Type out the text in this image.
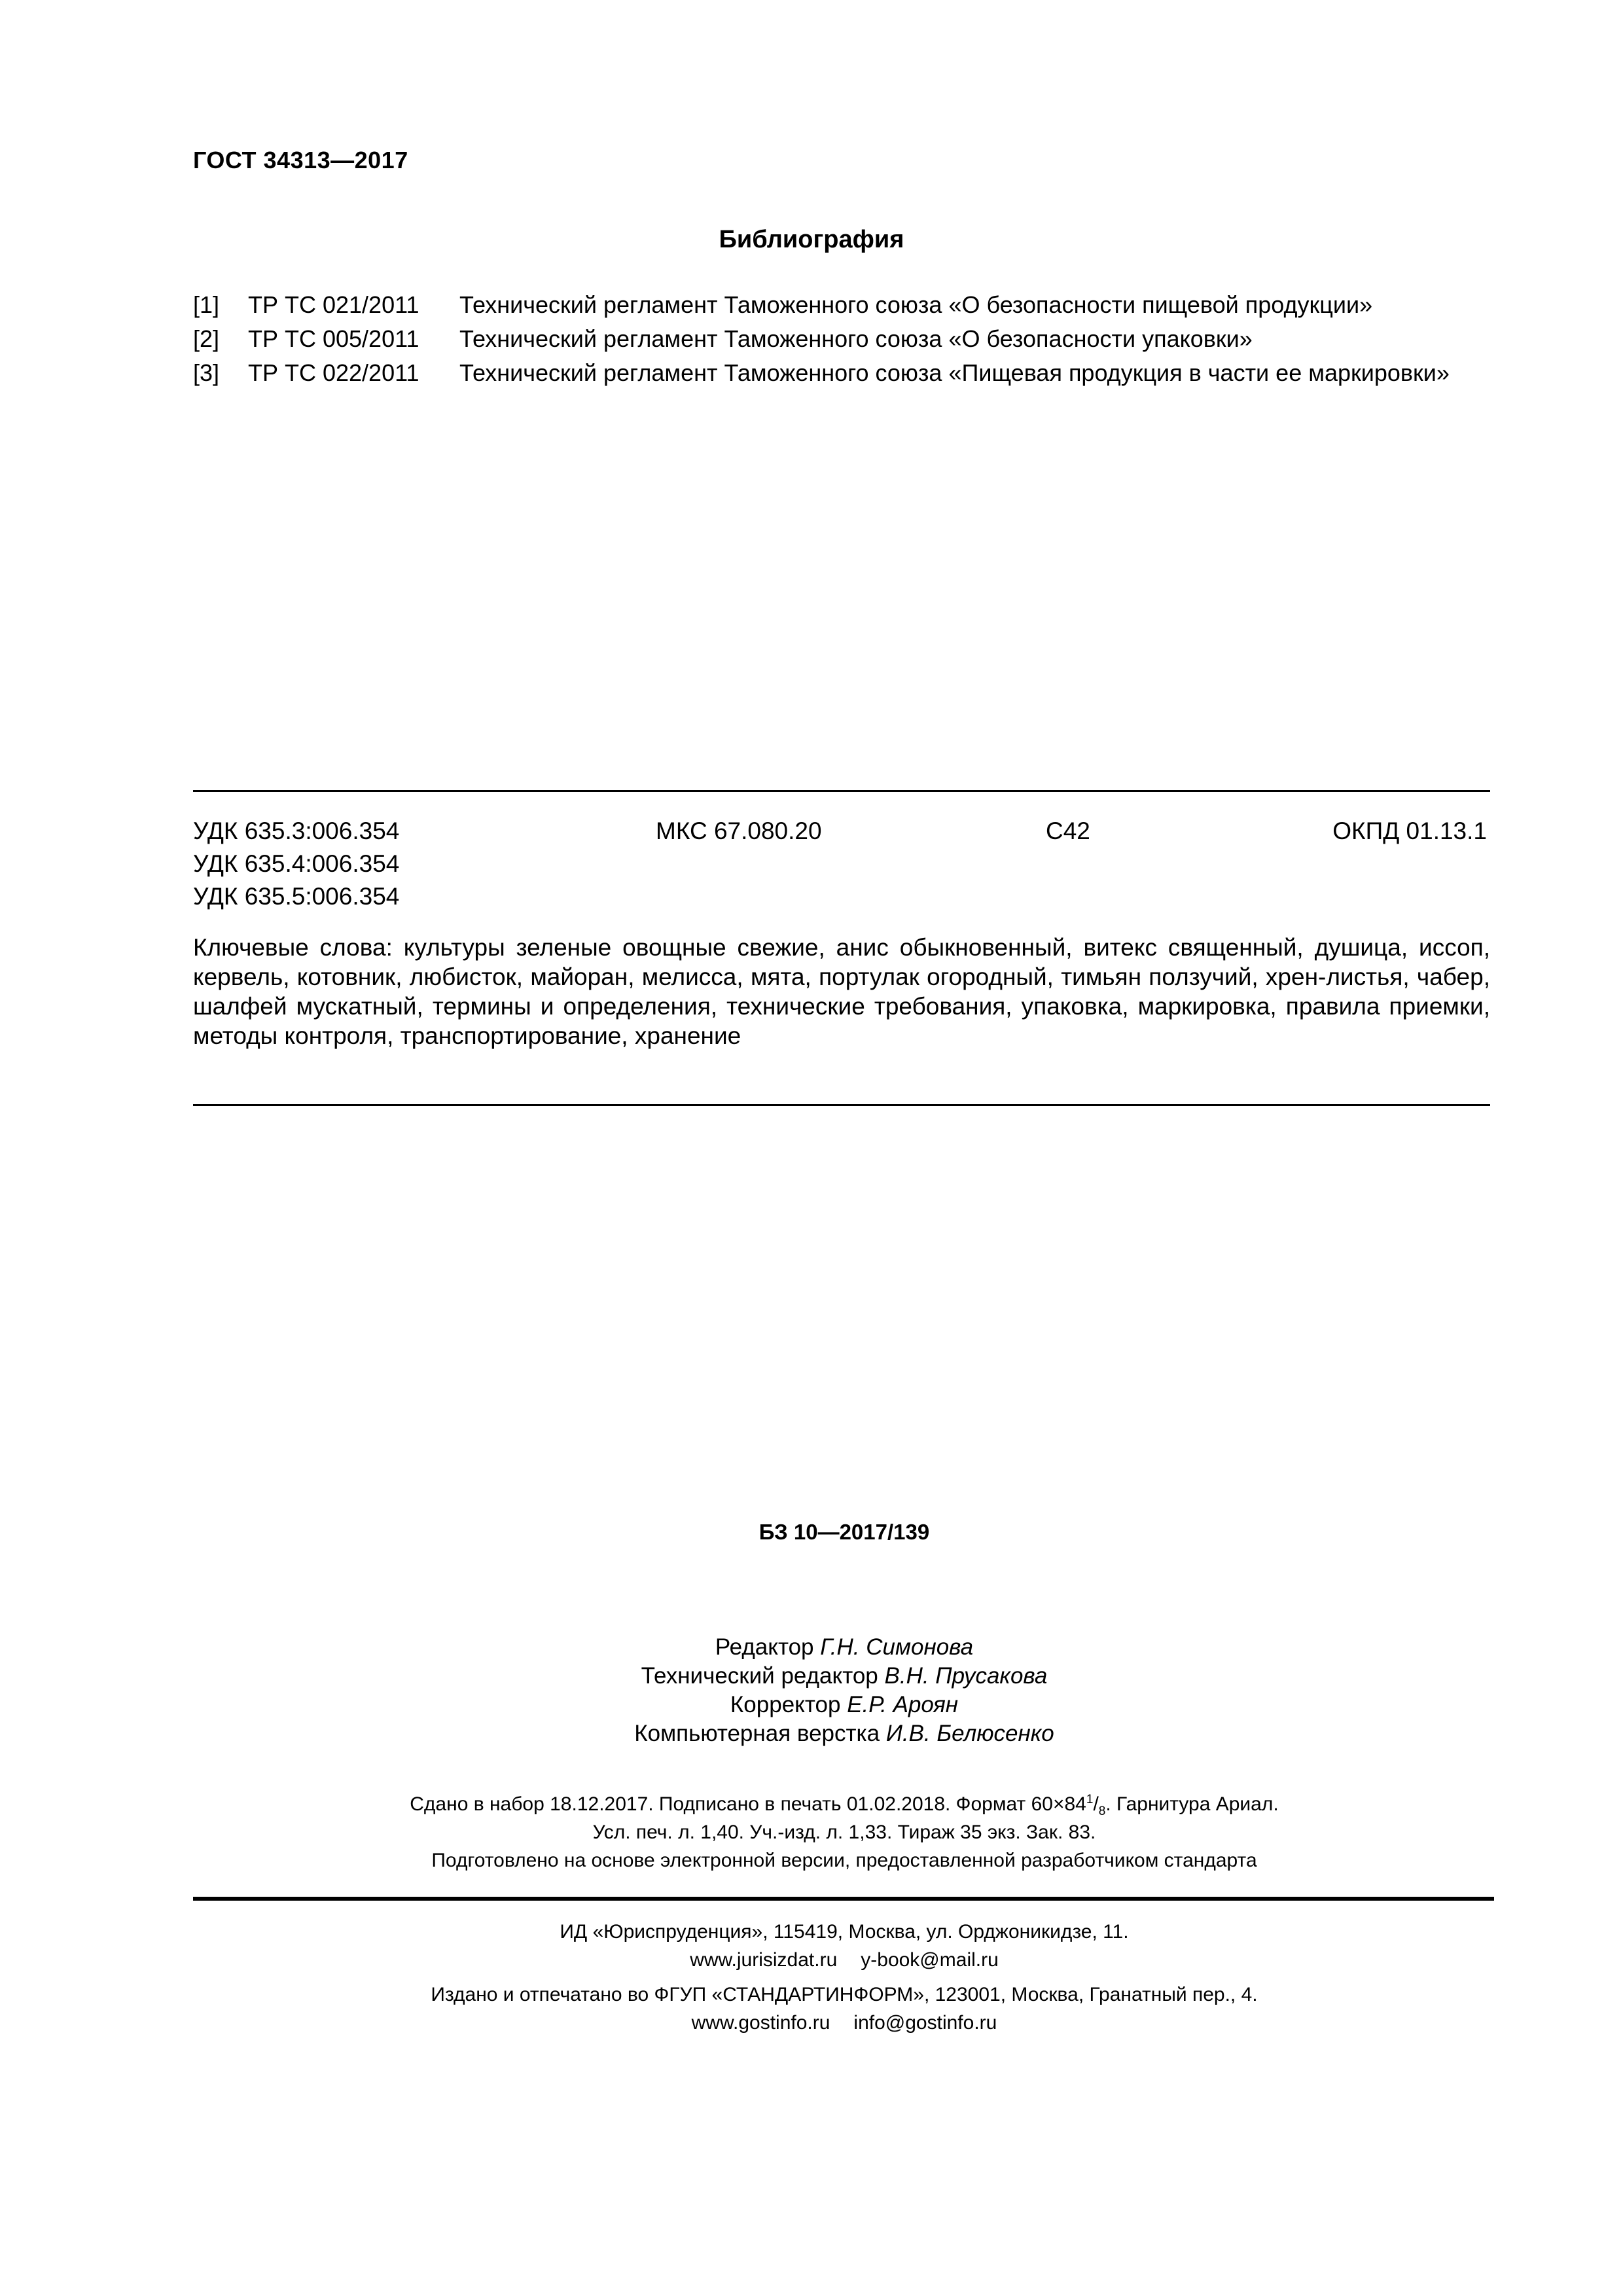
ГОСТ 34313—2017
Библиография
[1] ТР ТС 021/2011 Технический регламент Таможенного союза «О безопасности пищевой продукции»
[2] ТР ТС 005/2011 Технический регламент Таможенного союза «О безопасности упаковки»
[3] ТР ТС 022/2011 Технический регламент Таможенного союза «Пищевая продукция в части ее маркировки»
УДК 635.3:006.354
УДК 635.4:006.354
УДК 635.5:006.354
МКС 67.080.20	С42	ОКПД 01.13.1
Ключевые слова: культуры зеленые овощные свежие, анис обыкновенный, витекс священный, душица, иссоп, кервель, котовник, любисток, майоран, мелисса, мята, портулак огородный, тимьян ползучий, хрен-листья, чабер, шалфей мускатный, термины и определения, технические требования, упаковка, маркировка, правила приемки, методы контроля, транспортирование, хранение
БЗ 10—2017/139
Редактор Г.Н. Симонова
Технический редактор В.Н. Прусакова
Корректор Е.Р. Ароян
Компьютерная верстка И.В. Белюсенко
Сдано в набор 18.12.2017. Подписано в печать 01.02.2018. Формат $60\times 84^1/_8$. Гарнитура Ариал.
Усл. печ. л. 1,40. Уч.-изд. л. 1,33. Тираж 35 экз. Зак. 83.
Подготовлено на основе электронной версии, предоставленной разработчиком стандарта
ИД «Юриспруденция», 115419, Москва, ул. Орджоникидзе, 11.
www.jurisizdat.ru y-book@mail.ru
Издано и отпечатано во ФГУП «СТАНДАРТИНФОРМ», 123001, Москва, Гранатный пер., 4.
www.gostinfo.ru info@gostinfo.ru
